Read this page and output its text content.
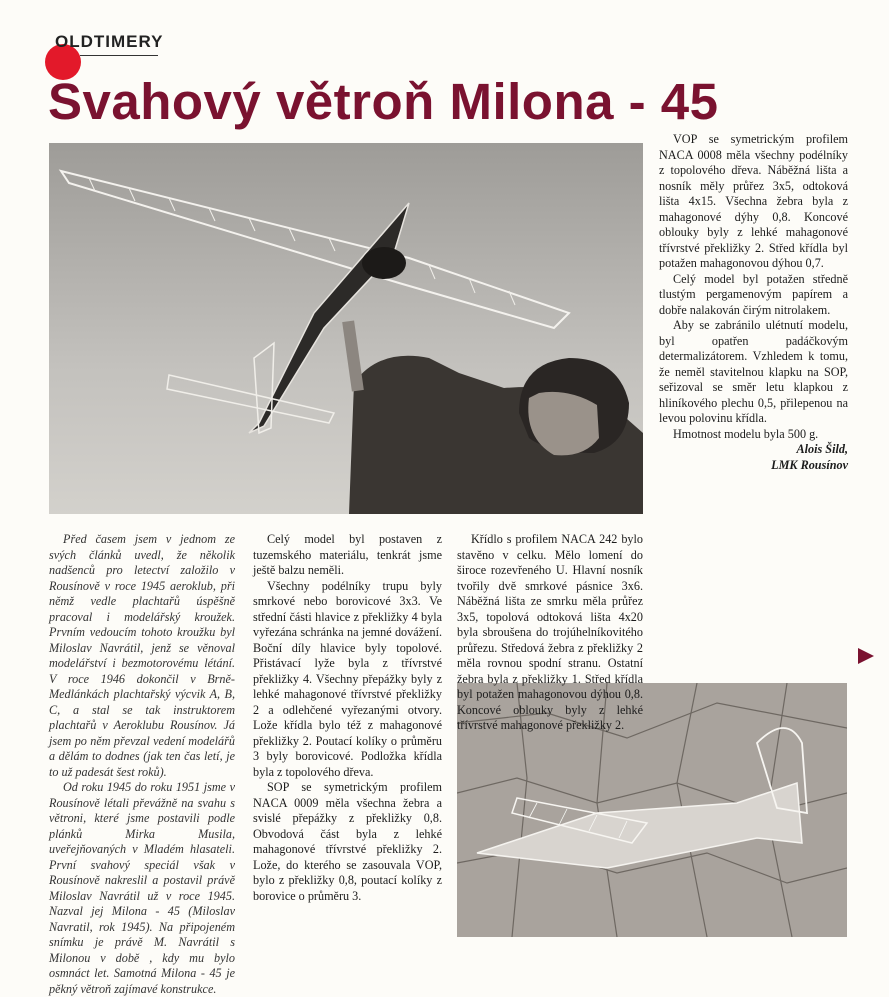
OLDTIMERY
Svahový větroň Milona - 45

Před časem jsem v jednom ze svých článků uvedl, že několik nadšenců pro letectví založilo v Rousínově v roce 1945 aeroklub, při němž vedle plachtařů úspěšně pracoval i modelářský kroužek. Prvním vedoucím tohoto kroužku byl Miloslav Navrátil, jenž se věnoval modelářství i bezmotorovému létání. V roce 1946 dokončil v Brně-Medlánkách plachtařský výcvik A, B, C, a stal se tak instruktorem plachtařů v Aeroklubu Rousínov. Já jsem po něm převzal vedení modelářů a dělám to dodnes (jak ten čas letí, je to už padesát šest roků).

Od roku 1945 do roku 1951 jsme v Rousínově létali převážně na svahu s větroni, které jsme postavili podle plánků Mirka Musila, uveřejňovaných v Mladém hlasateli. První svahový speciál však v Rousínově nakreslil a postavil právě Miloslav Navrátil už v roce 1945. Nazval jej Milona - 45 (Miloslav Navratil, rok 1945). Na připojeném snímku je právě M. Navrátil s Milonou v době , kdy mu bylo osmnáct let. Samotná Milona - 45 je pěkný větroň zajímavé konstrukce.

Celý model byl postaven z tuzemského materiálu, tenkrát jsme ještě balzu neměli.

Všechny podélníky trupu byly smrkové nebo borovicové 3x3. Ve střední části hlavice z překližky 4 byla vyřezána schránka na jemné dovážení. Boční díly hlavice byly topolové. Přistávací lyže byla z třívrstvé překližky 4. Všechny přepážky byly z lehké mahagonové třívrstvé překližky 2 a odlehčené vyřezanými otvory. Lože křídla bylo též z mahagonové překližky 2. Poutací kolíky o průměru 3 byly borovicové. Podložka křídla byla z topolového dřeva.

SOP se symetrickým profilem NACA 0009 měla všechna žebra a svislé přepážky z překližky 0,8. Obvodová část byla z lehké mahagonové třívrstvé překližky 2. Lože, do kterého se zasouvala VOP, bylo z překližky 0,8, poutací kolíky z borovice o průměru 3.

Křídlo s profilem NACA 242 bylo stavěno v celku. Mělo lomení do široce rozevřeného U. Hlavní nosník tvořily dvě smrkové pásnice 3x6. Náběžná lišta ze smrku měla průřez 3x5, topolová odtoková lišta 4x20 byla sbroušena do trojúhelníkovitého průřezu. Středová žebra z překližky 2 měla rovnou spodní stranu. Ostatní žebra byla z překližky 1. Střed křídla byl potažen mahagonovou dýhou 0,8. Koncové oblouky byly z lehké třívrstvé mahagonové překližky 2.

VOP se symetrickým profilem NACA 0008 měla všechny podélníky z topolového dřeva. Náběžná lišta a nosník měly průřez 3x5, odtoková lišta 4x15. Všechna žebra byla z mahagonové dýhy 0,8. Koncové oblouky byly z lehké mahagonové třívrstvé překližky 2. Střed křídla byl potažen mahagonovou dýhou 0,7.

Celý model byl potažen středně tlustým pergamenovým papírem a dobře nalakován čirým nitrolakem.

Aby se zabránilo ulétnutí modelu, byl opatřen padáčkovým determalizátorem. Vzhledem k tomu, že neměl stavitelnou klapku na SOP, seřizoval se směr letu klapkou z hliníkového plechu 0,5, přilepenou na levou polovinu křídla.

Hmotnost modelu byla 500 g.

Alois Šild,
LMK Rousínov
